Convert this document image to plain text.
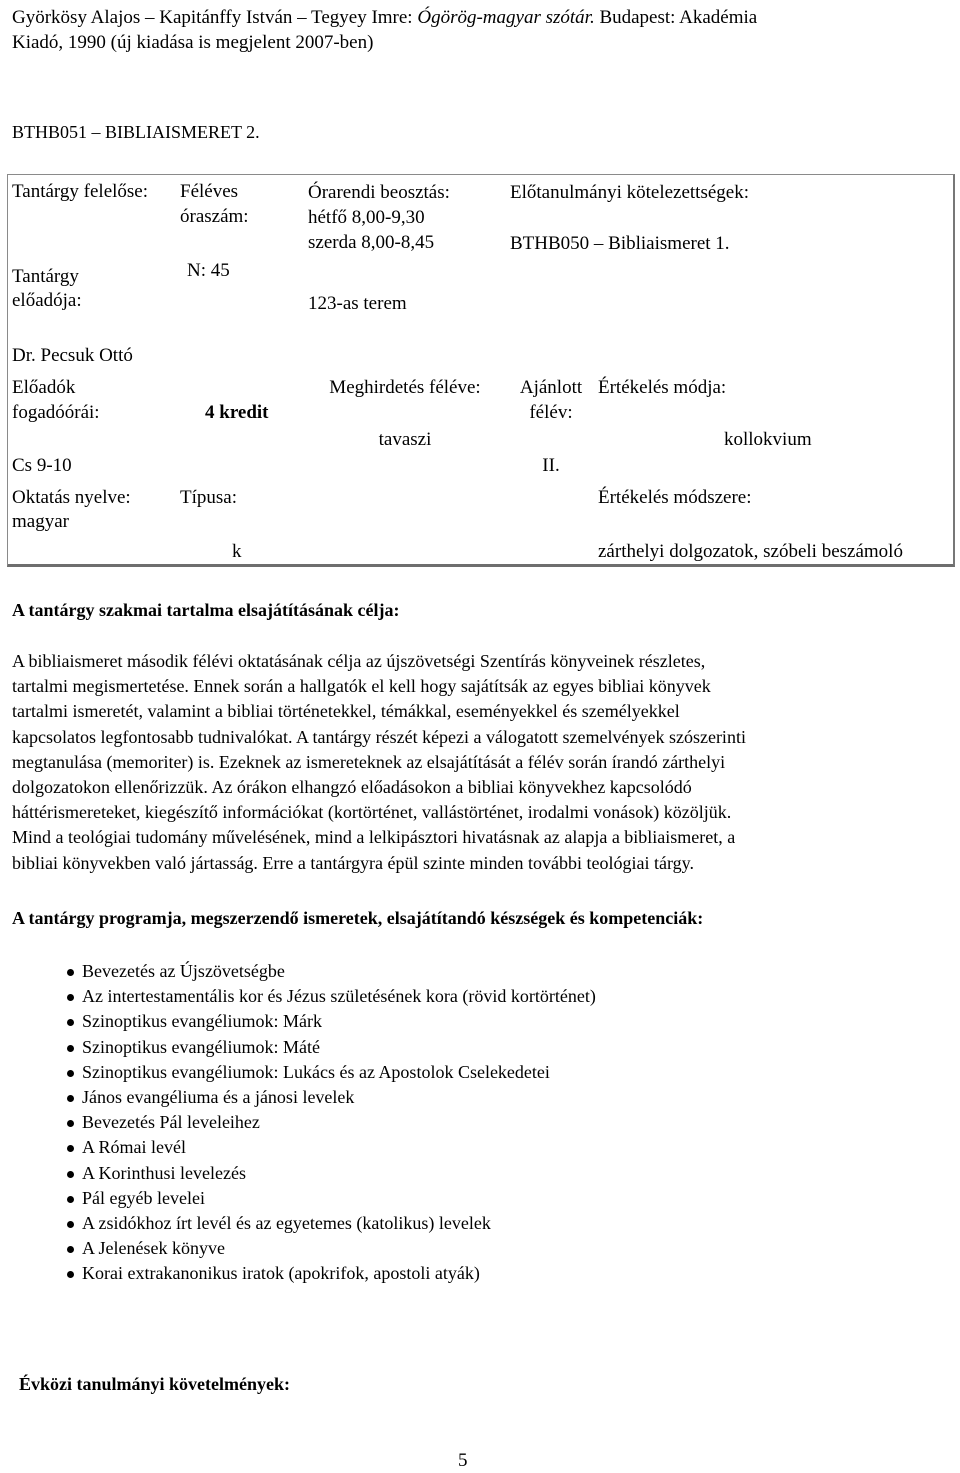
Györkösy Alajos – Kapitánffy István – Tegyey Imre: Ógörög-magyar szótár. Budapest: Akadémia
Kiadó, 1990 (új kiadása is megjelent 2007-ben)
BTHB051 – BIBLIAISMERET 2.
Tantárgy felelőse:
Tantárgy
előadója:
Dr. Pecsuk Ottó
Féléves
óraszám:
N: 45
Órarendi beosztás:
hétfő 8,00-9,30
szerda 8,00-8,45
123-as terem
Előtanulmányi kötelezettségek:
BTHB050 – Bibliaismeret 1.
Előadók
fogadóórái:
Cs 9-10
4 kredit
Meghirdetés féléve:
tavaszi
Ajánlott
félév:
II.
Értékelés módja:
kollokvium
Oktatás nyelve:
magyar
Típusa:
k
Értékelés módszere:
zárthelyi dolgozatok, szóbeli beszámoló
A tantárgy szakmai tartalma elsajátításának célja:
A bibliaismeret második félévi oktatásának célja az újszövetségi Szentírás könyveinek részletes,
tartalmi megismertetése. Ennek során a hallgatók el kell hogy sajátítsák az egyes bibliai könyvek
tartalmi ismeretét, valamint a bibliai történetekkel, témákkal, eseményekkel és személyekkel
kapcsolatos legfontosabb tudnivalókat. A tantárgy részét képezi a válogatott szemelvények szószerinti
megtanulása (memoriter) is. Ezeknek az ismereteknek az elsajátítását a félév során írandó zárthelyi
dolgozatokon ellenőrizzük. Az órákon elhangzó előadásokon a bibliai könyvekhez kapcsolódó
háttérismereteket, kiegészítő információkat (kortörténet, vallástörténet, irodalmi vonások) közöljük.
Mind a teológiai tudomány művelésének, mind a lelkipásztori hivatásnak az alapja a bibliaismeret, a
bibliai könyvekben való jártasság. Erre a tantárgyra épül szinte minden további teológiai tárgy.
A tantárgy programja, megszerzendő ismeretek, elsajátítandó készségek és kompetenciák:
Bevezetés az Újszövetségbe
Az intertestamentális kor és Jézus születésének kora (rövid kortörténet)
Szinoptikus evangéliumok: Márk
Szinoptikus evangéliumok: Máté
Szinoptikus evangéliumok: Lukács és az Apostolok Cselekedetei
János evangéliuma és a jánosi levelek
Bevezetés Pál leveleihez
A Római levél
A Korinthusi levelezés
Pál egyéb levelei
A zsidókhoz írt levél és az egyetemes (katolikus) levelek
A Jelenések könyve
Korai extrakanonikus iratok (apokrifok, apostoli atyák)
Évközi tanulmányi követelmények:
5
